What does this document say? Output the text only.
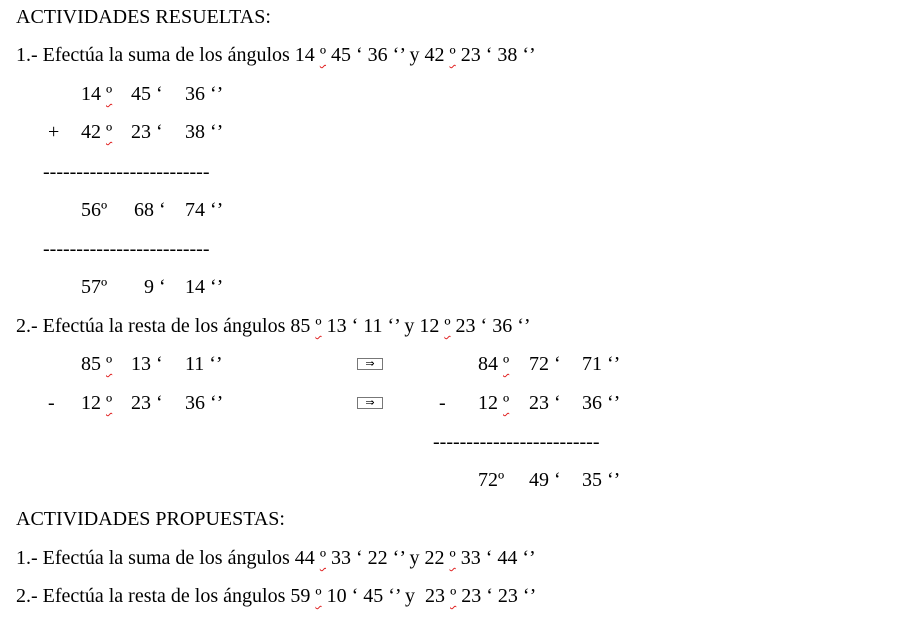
ACTIVIDADES RESUELTAS:
1.- Efectúa la suma de los ángulos 14 º 45 ‘ 36 ‘’ y 42 º 23 ‘ 38 ‘’
14 º 45 ‘ 36 ‘’
+ 42 º 23 ‘ 38 ‘’
-------------------------
56º 68 ‘ 74 ‘’
-------------------------
57º 9 ‘ 14 ‘’
2.- Efectúa la resta de los ángulos 85 º 13 ‘ 11 ‘’ y 12 º 23 ‘ 36 ‘’
85 º 13 ‘ 11 ‘’
- 12 º 23 ‘ 36 ‘’
⇒
⇒
84 º 72 ‘ 71 ‘’
- 12 º 23 ‘ 36 ‘’
-------------------------
72º 49 ‘ 35 ‘’
ACTIVIDADES PROPUESTAS:
1.- Efectúa la suma de los ángulos 44 º 33 ‘ 22 ‘’ y 22 º 33 ‘ 44 ‘’
2.- Efectúa la resta de los ángulos 59 º 10 ‘ 45 ‘’ y  23 º 23 ‘ 23 ‘’
